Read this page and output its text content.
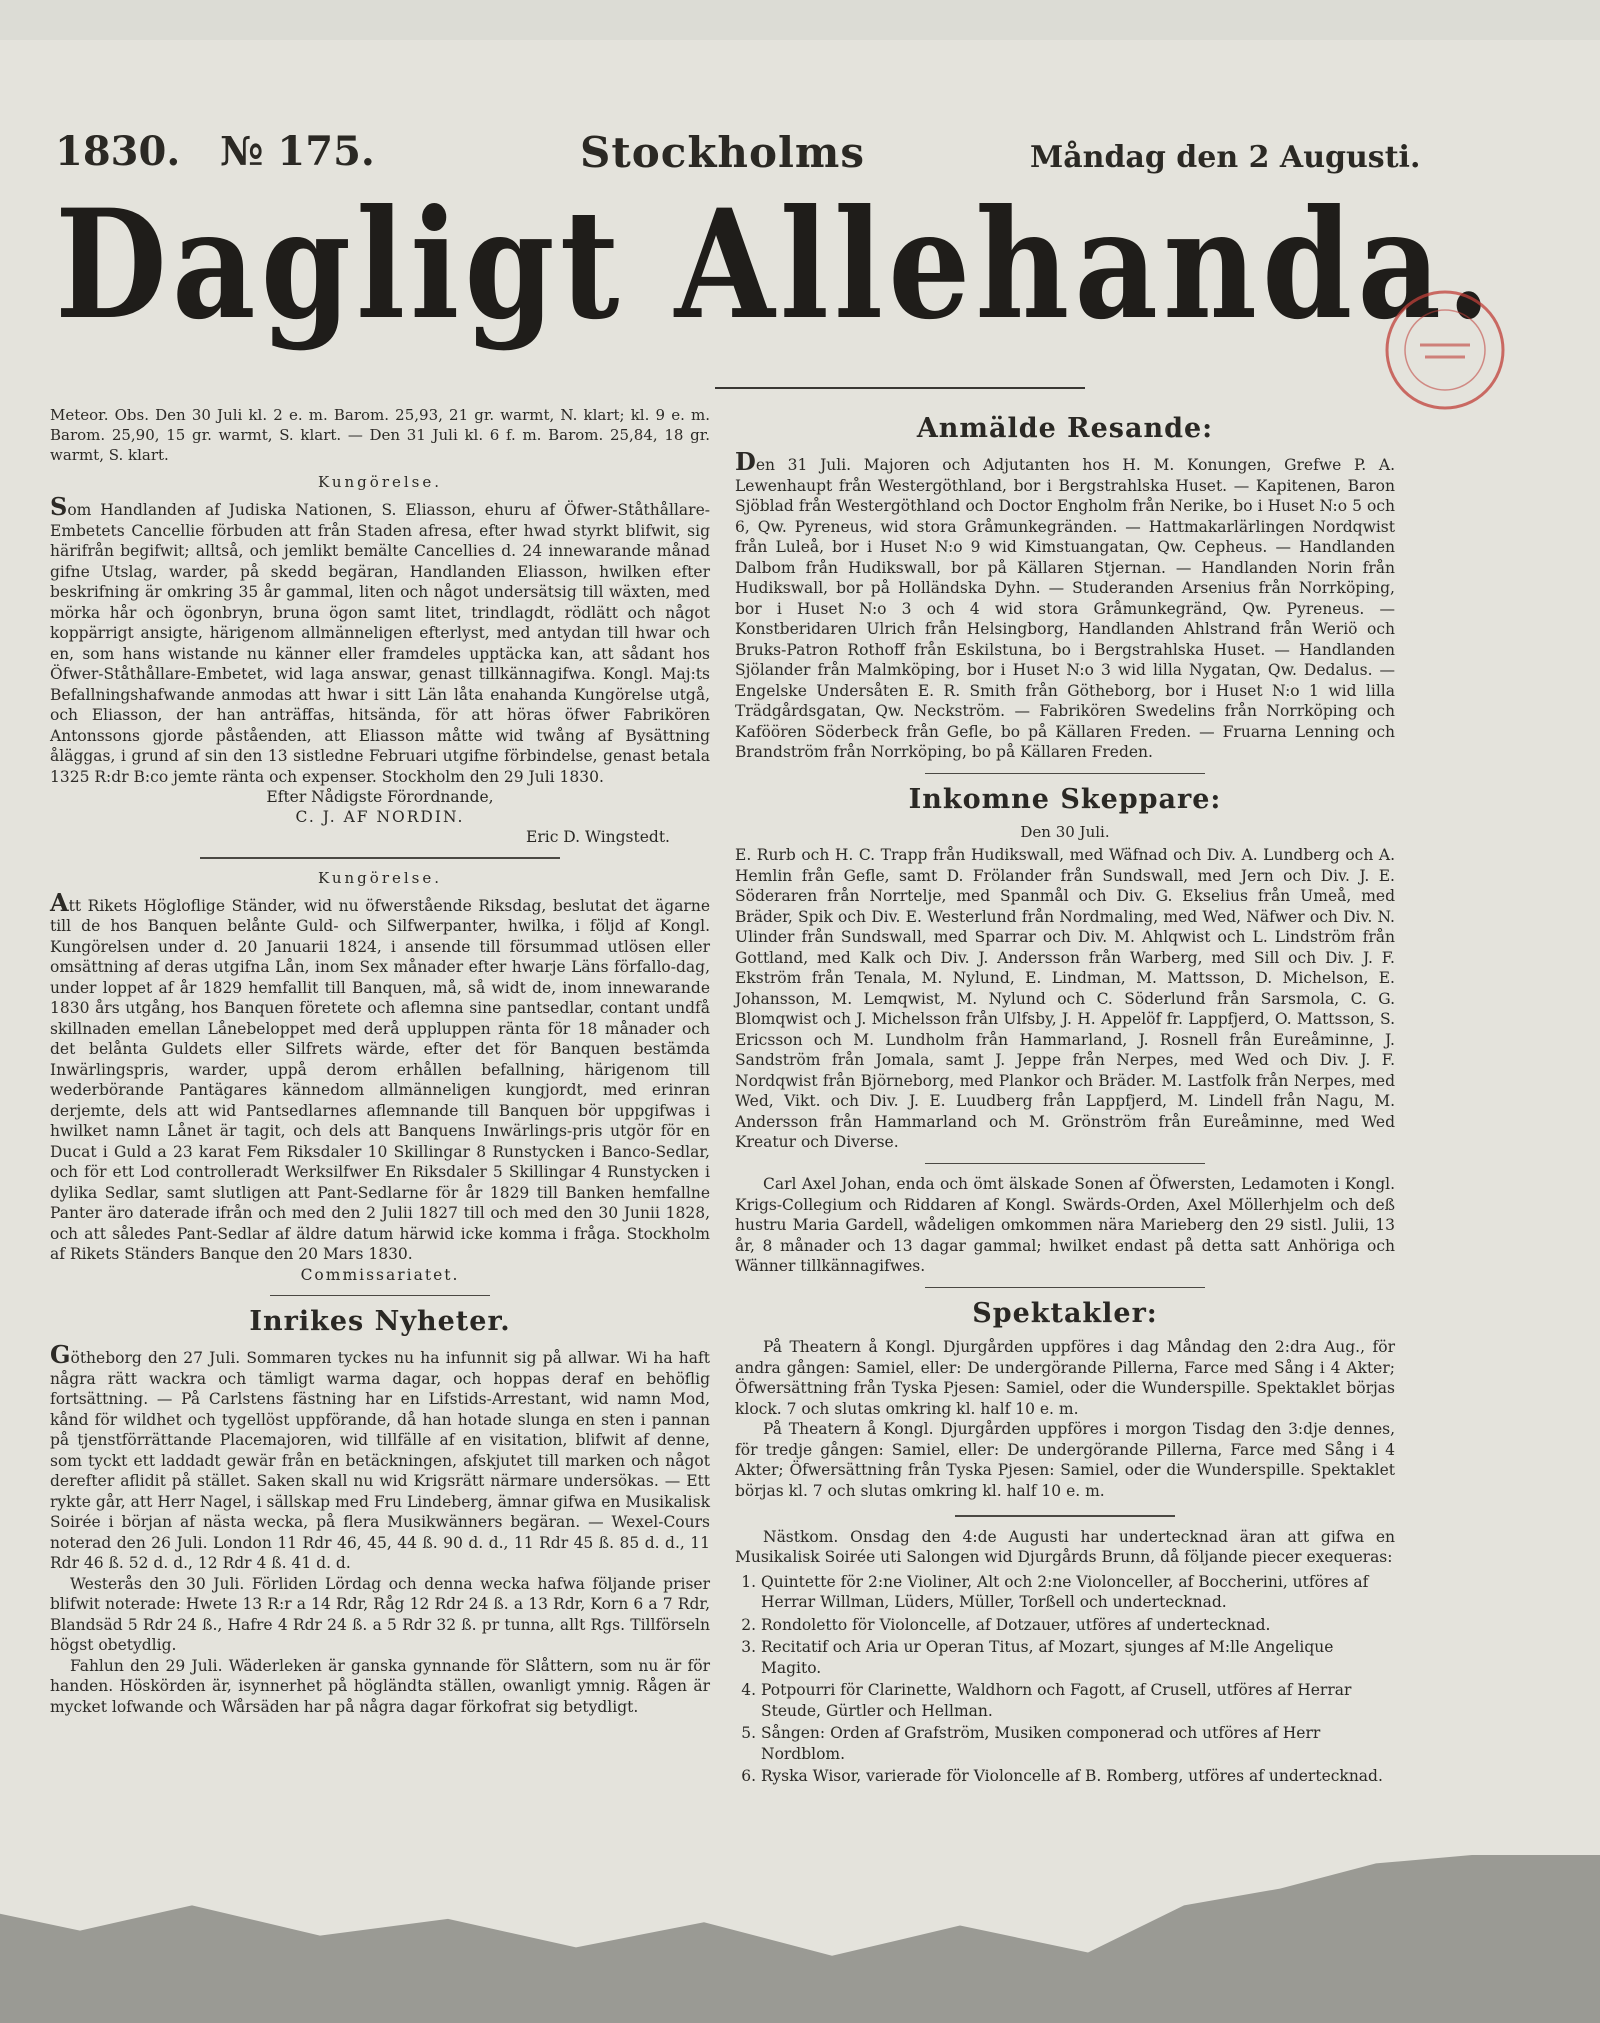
1830. № 175.	Stockholms	Måndag den 2 Augusti.
Dagligt Allehanda.

Meteor. Obs. Den 30 Juli kl. 2 e. m. Barom. 25,93, 21 gr. warmt, N. klart; kl. 9 e. m. Barom. 25,90, 15 gr. warmt, S. klart. — Den 31 Juli kl. 6 f. m. Barom. 25,84, 18 gr. warmt, S. klart.

Kungörelse.

Som Handlanden af Judiska Nationen, S. Eliasson, ehuru af Öfwer-Ståthållare-Embetets Cancellie förbuden att från Staden afresa, efter hwad styrkt blifwit, sig härifrån begifwit; alltså, och jemlikt bemälte Cancellies d. 24 innewarande månad gifne Utslag, warder, på skedd begäran, Handlanden Eliasson, hwilken efter beskrifning är omkring 35 år gammal, liten och något undersätsig till wäxten, med mörka hår och ögonbryn, bruna ögon samt litet, trindlagdt, rödlätt och något koppärrigt ansigte, härigenom allmänneligen efterlyst, med antydan till hwar och en, som hans wistande nu känner eller framdeles upptäcka kan, att sådant hos Öfwer-Ståthållare-Embetet, wid laga answar, genast tillkännagifwa. Kongl. Maj:ts Befallningshafwande anmodas att hwar i sitt Län låta enahanda Kungörelse utgå, och Eliasson, der han anträffas, hitsända, för att höras öfwer Fabrikören Antonssons gjorde påståenden, att Eliasson måtte wid twång af Bysättning åläggas, i grund af sin den 13 sistledne Februari utgifne förbindelse, genast betala 1325 R:dr B:co jemte ränta och expenser. Stockholm den 29 Juli 1830.

Efter Nådigste Förordnande,
C. J. AF NORDIN.
Eric D. Wingstedt.
Kungörelse.

Att Rikets Högloflige Ständer, wid nu öfwerstående Riksdag, beslutat det ägarne till de hos Banquen belånte Guld- och Silfwerpanter, hwilka, i följd af Kongl. Kungörelsen under d. 20 Januarii 1824, i ansende till försummad utlösen eller omsättning af deras utgifna Lån, inom Sex månader efter hwarje Läns förfallo-dag, under loppet af år 1829 hemfallit till Banquen, må, så widt de, inom innewarande 1830 års utgång, hos Banquen företete och aflemna sine pantsedlar, contant undfå skillnaden emellan Lånebeloppet med derå uppluppen ränta för 18 månader och det belånta Guldets eller Silfrets wärde, efter det för Banquen bestämda Inwärlingspris, warder, uppå derom erhållen befallning, härigenom till wederbörande Pantägares kännedom allmänneligen kungjordt, med erinran derjemte, dels att wid Pantsedlarnes aflemnande till Banquen bör uppgifwas i hwilket namn Lånet är tagit, och dels att Banquens Inwärlings-pris utgör för en Ducat i Guld a 23 karat Fem Riksdaler 10 Skillingar 8 Runstycken i Banco-Sedlar, och för ett Lod controlleradt Werksilfwer En Riksdaler 5 Skillingar 4 Runstycken i dylika Sedlar, samt slutligen att Pant-Sedlarne för år 1829 till Banken hemfallne Panter äro daterade ifrån och med den 2 Julii 1827 till och med den 30 Junii 1828, och att således Pant-Sedlar af äldre datum härwid icke komma i fråga. Stockholm af Rikets Ständers Banque den 20 Mars 1830.

Commissariatet.
Inrikes Nyheter.

Götheborg den 27 Juli. Sommaren tyckes nu ha infunnit sig på allwar. Wi ha haft några rätt wackra och tämligt warma dagar, och hoppas deraf en behöflig fortsättning. — På Carlstens fästning har en Lifstids-Arrestant, wid namn Mod, kånd för wildhet och tygellöst uppförande, då han hotade slunga en sten i pannan på tjenstförrättande Placemajoren, wid tillfälle af en visitation, blifwit af denne, som tyckt ett laddadt gewär från en betäckningen, afskjutet till marken och något derefter aflidit på stället. Saken skall nu wid Krigsrätt närmare undersökas. — Ett rykte går, att Herr Nagel, i sällskap med Fru Lindeberg, ämnar gifwa en Musikalisk Soirée i början af nästa wecka, på flera Musikwänners begäran. — Wexel-Cours noterad den 26 Juli. London 11 Rdr 46, 45, 44 ß. 90 d. d., 11 Rdr 45 ß. 85 d. d., 11 Rdr 46 ß. 52 d. d., 12 Rdr 4 ß. 41 d. d.

Westerås den 30 Juli. Förliden Lördag och denna wecka hafwa följande priser blifwit noterade: Hwete 13 R:r a 14 Rdr, Råg 12 Rdr 24 ß. a 13 Rdr, Korn 6 a 7 Rdr, Blandsäd 5 Rdr 24 ß., Hafre 4 Rdr 24 ß. a 5 Rdr 32 ß. pr tunna, allt Rgs. Tillförseln högst obetydlig.

Fahlun den 29 Juli. Wäderleken är ganska gynnande för Slåttern, som nu är för handen. Höskörden är, isynnerhet på högländta ställen, owanligt ymnig. Rågen är mycket lofwande och Wårsäden har på några dagar förkofrat sig betydligt.

Anmälde Resande:

Den 31 Juli. Majoren och Adjutanten hos H. M. Konungen, Grefwe P. A. Lewenhaupt från Westergöthland, bor i Bergstrahlska Huset. — Kapitenen, Baron Sjöblad från Westergöthland och Doctor Engholm från Nerike, bo i Huset N:o 5 och 6, Qw. Pyreneus, wid stora Gråmunkegränden. — Hattmakarlärlingen Nordqwist från Luleå, bor i Huset N:o 9 wid Kimstuangatan, Qw. Cepheus. — Handlanden Dalbom från Hudikswall, bor på Källaren Stjernan. — Handlanden Norin från Hudikswall, bor på Holländska Dyhn. — Studeranden Arsenius från Norrköping, bor i Huset N:o 3 och 4 wid stora Gråmunkegränd, Qw. Pyreneus. — Konstberidaren Ulrich från Helsingborg, Handlanden Ahlstrand från Weriö och Bruks-Patron Rothoff från Eskilstuna, bo i Bergstrahlska Huset. — Handlanden Sjölander från Malmköping, bor i Huset N:o 3 wid lilla Nygatan, Qw. Dedalus. — Engelske Undersåten E. R. Smith från Götheborg, bor i Huset N:o 1 wid lilla Trädgårdsgatan, Qw. Neckström. — Fabrikören Swedelins från Norrköping och Kaföören Söderbeck från Gefle, bo på Källaren Freden. — Fruarna Lenning och Brandström från Norrköping, bo på Källaren Freden.

Inkomne Skeppare:
Den 30 Juli.

E. Rurb och H. C. Trapp från Hudikswall, med Wäfnad och Div. A. Lundberg och A. Hemlin från Gefle, samt D. Frölander från Sundswall, med Jern och Div. J. E. Söderaren från Norrtelje, med Spanmål och Div. G. Ekselius från Umeå, med Bräder, Spik och Div. E. Westerlund från Nordmaling, med Wed, Näfwer och Div. N. Ulinder från Sundswall, med Sparrar och Div. M. Ahlqwist och L. Lindström från Gottland, med Kalk och Div. J. Andersson från Warberg, med Sill och Div. J. F. Ekström från Tenala, M. Nylund, E. Lindman, M. Mattsson, D. Michelson, E. Johansson, M. Lemqwist, M. Nylund och C. Söderlund från Sarsmola, C. G. Blomqwist och J. Michelsson från Ulfsby, J. H. Appelöf fr. Lappfjerd, O. Mattsson, S. Ericsson och M. Lundholm från Hammarland, J. Rosnell från Eureåminne, J. Sandström från Jomala, samt J. Jeppe från Nerpes, med Wed och Div. J. F. Nordqwist från Björneborg, med Plankor och Bräder. M. Lastfolk från Nerpes, med Wed, Vikt. och Div. J. E. Luudberg från Lappfjerd, M. Lindell från Nagu, M. Andersson från Hammarland och M. Grönström från Eureåminne, med Wed Kreatur och Diverse.

Carl Axel Johan, enda och ömt älskade Sonen af Öfwersten, Ledamoten i Kongl. Krigs-Collegium och Riddaren af Kongl. Swärds-Orden, Axel Möllerhjelm och deß hustru Maria Gardell, wådeligen omkommen nära Marieberg den 29 sistl. Julii, 13 år, 8 månader och 13 dagar gammal; hwilket endast på detta satt Anhöriga och Wänner tillkännagifwes.

Spektakler:

På Theatern å Kongl. Djurgården uppföres i dag Måndag den 2:dra Aug., för andra gången: Samiel, eller: De undergörande Pillerna, Farce med Sång i 4 Akter; Öfwersättning från Tyska Pjesen: Samiel, oder die Wunderspille. Spektaklet börjas klock. 7 och slutas omkring kl. half 10 e. m.

På Theatern å Kongl. Djurgården uppföres i morgon Tisdag den 3:dje dennes, för tredje gången: Samiel, eller: De undergörande Pillerna, Farce med Sång i 4 Akter; Öfwersättning från Tyska Pjesen: Samiel, oder die Wunderspille. Spektaklet börjas kl. 7 och slutas omkring kl. half 10 e. m.

Nästkom. Onsdag den 4:de Augusti har undertecknad äran att gifwa en Musikalisk Soirée uti Salongen wid Djurgårds Brunn, då följande piecer exequeras:

1. Quintette för 2:ne Violiner, Alt och 2:ne Violonceller, af Boccherini, utföres af Herrar Willman, Lüders, Müller, Torßell och undertecknad.
2. Rondoletto för Violoncelle, af Dotzauer, utföres af undertecknad.
3. Recitatif och Aria ur Operan Titus, af Mozart, sjunges af M:lle Angelique Magito.
4. Potpourri för Clarinette, Waldhorn och Fagott, af Crusell, utföres af Herrar Steude, Gürtler och Hellman.
5. Sången: Orden af Grafström, Musiken componerad och utföres af Herr Nordblom.
6. Ryska Wisor, varierade för Violoncelle af B. Romberg, utföres af undertecknad.
